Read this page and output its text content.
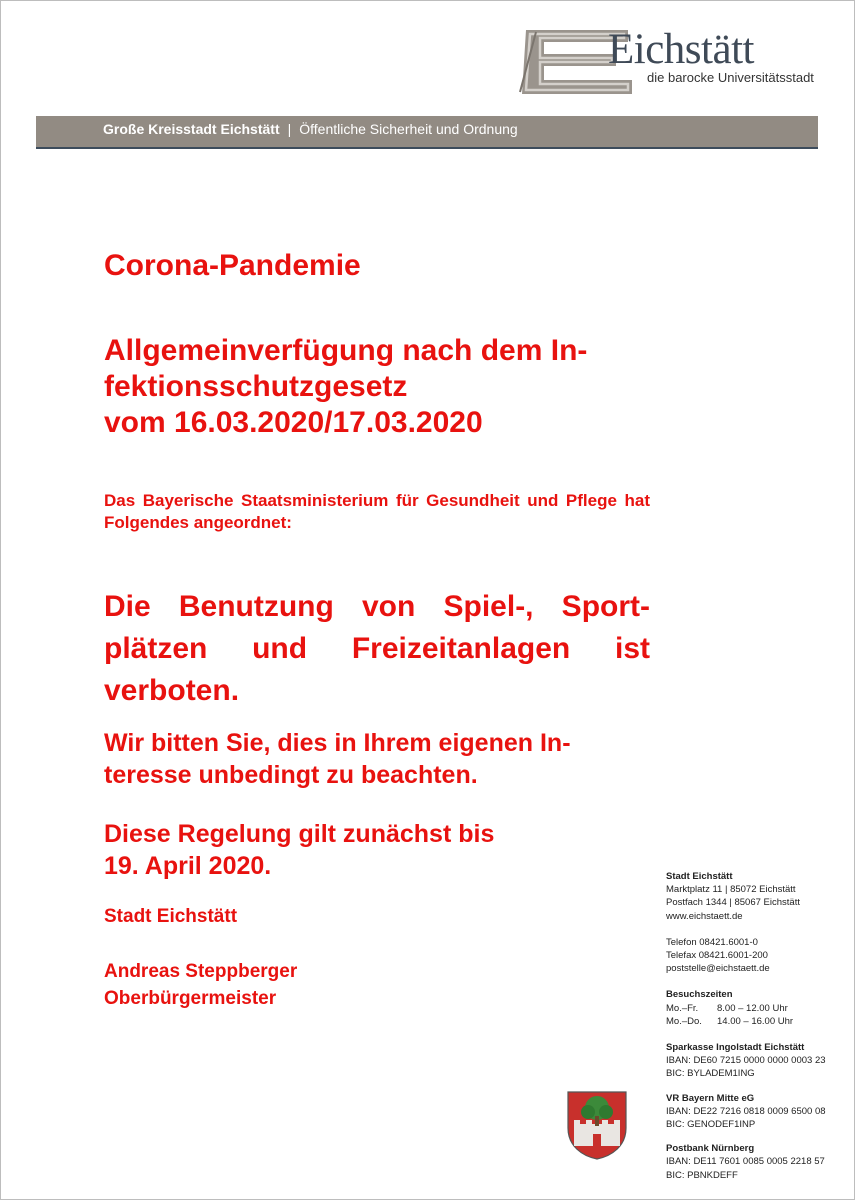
Eichstätt
die barocke Universitätsstadt
Große Kreisstadt Eichstätt | Öffentliche Sicherheit und Ordnung
Corona-Pandemie
Allgemeinverfügung nach dem In-
fektionsschutzgesetz
vom 16.03.2020/17.03.2020
Das Bayerische Staatsministerium für Gesundheit und Pflege hat Folgendes angeordnet:
Die Benutzung von Spiel-, Sport- plätzen und Freizeitanlagen ist verboten.
Wir bitten Sie, dies in Ihrem eigenen In-
teresse unbedingt zu beachten.
Diese Regelung gilt zunächst bis
19. April 2020.
Stadt Eichstätt
Andreas Steppberger
Oberbürgermeister
Stadt Eichstätt
Marktplatz 11 | 85072 Eichstätt
Postfach 1344 | 85067 Eichstätt
www.eichstaett.de
Telefon 08421.6001-0
Telefax 08421.6001-200
poststelle@eichstaett.de
Besuchszeiten
Mo.–Fr. 8.00 – 12.00 Uhr
Mo.–Do. 14.00 – 16.00 Uhr
Sparkasse Ingolstadt Eichstätt
IBAN: DE60 7215 0000 0000 0003 23
BIC: BYLADEM1ING
VR Bayern Mitte eG
IBAN: DE22 7216 0818 0009 6500 08
BIC: GENODEF1INP
Postbank Nürnberg
IBAN: DE11 7601 0085 0005 2218 57
BIC: PBNKDEFF
